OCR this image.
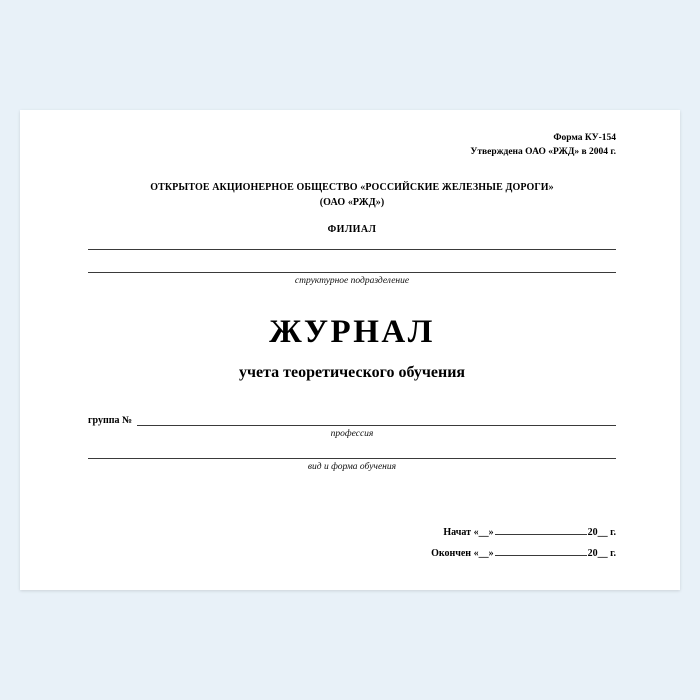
Форма КУ-154
Утверждена ОАО «РЖД» в 2004 г.
ОТКРЫТОЕ АКЦИОНЕРНОЕ ОБЩЕСТВО «РОССИЙСКИЕ ЖЕЛЕЗНЫЕ ДОРОГИ»
(ОАО «РЖД»)
ФИЛИАЛ
структурное подразделение
ЖУРНАЛ
учета теоретического обучения
группа №
профессия
вид и форма обучения
Начат «__»	20__ г.
Окончен «__»	20__ г.
